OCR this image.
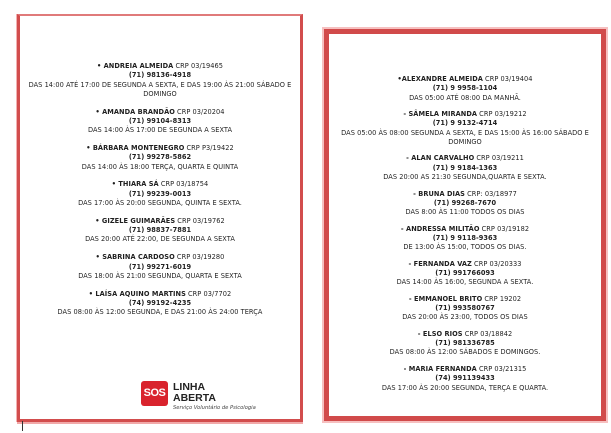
• ANDREIA ALMEIDA CRP 03/19465
(71) 98136-4918
DAS 14:00 ATÉ 17:00 DE SEGUNDA A SEXTA, E DAS 19:00 ÀS 21:00 SÁBADO E DOMINGO
• AMANDA BRANDÃO CRP 03/20204
(71) 99104-8313
DAS 14:00 ÀS 17:00 DE SEGUNDA A SEXTA
• BÁRBARA MONTENEGRO CRP P3/19422
(71) 99278-5862
DAS 14:00 ÀS 18:00 TERÇA, QUARTA E QUINTA
• THIARA SÁ CRP 03/18754
(71) 99239-0013
DAS 17:00 ÀS 20:00 SEGUNDA, QUINTA E SEXTA.
• GIZELE GUIMARÃES CRP 03/19762
(71) 98837-7881
DAS 20:00 ATÉ 22:00, DE SEGUNDA A SEXTA
• SABRINA CARDOSO CRP 03/19280
(71) 99271-6019
DAS 18:00 ÀS 21:00 SEGUNDA, QUARTA E SEXTA
• LAÍSA AQUINO MARTINS CRP 03/7702
(74) 99192-4235
DAS 08:00 ÀS 12:00 SEGUNDA, E DAS 21:00 ÀS 24:00 TERÇA
SOS LINHA
ABERTA
Serviço Voluntário de Psicologia
•ALEXANDRE ALMEIDA CRP 03/19404
(71) 9 9958-1104
DAS 05:00 ATÉ 08:00 DA MANHÃ.
- SÂMELA MIRANDA CRP 03/19212
(71) 9 9132-4714
DAS 05:00 ÀS 08:00 SEGUNDA A SEXTA, E DAS 15:00 ÀS 16:00 SÁBADO E DOMINGO
- ALAN CARVALHO CRP 03/19211
(71) 9 9184-1363
DAS 20:00 AS 21:30 SEGUNDA,QUARTA E SEXTA.
- BRUNA DIAS CRP: 03/18977
(71) 99268-7670
DAS 8:00 ÀS 11:00 TODOS OS DIAS
- ANDRESSA MILITÃO CRP 03/19182
(71) 9 9118-9363
DE 13:00 ÀS 15:00, TODOS OS DIAS.
- FERNANDA VAZ CRP 03/20333
(71) 991766093
DAS 14:00 ÀS 16:00, SEGUNDA A SEXTA.
- EMMANOEL BRITO CRP 19202
(71) 993580767
DAS 20:00 ÀS 23:00, TODOS OS DIAS
- ELSO RIOS CRP 03/18842
(71) 981336785
DAS 08:00 ÀS 12:00 SÁBADOS E DOMINGOS.
- MARIA FERNANDA CRP 03/21315
(74) 991139433
DAS 17:00 ÀS 20:00 SEGUNDA, TERÇA E QUARTA.
